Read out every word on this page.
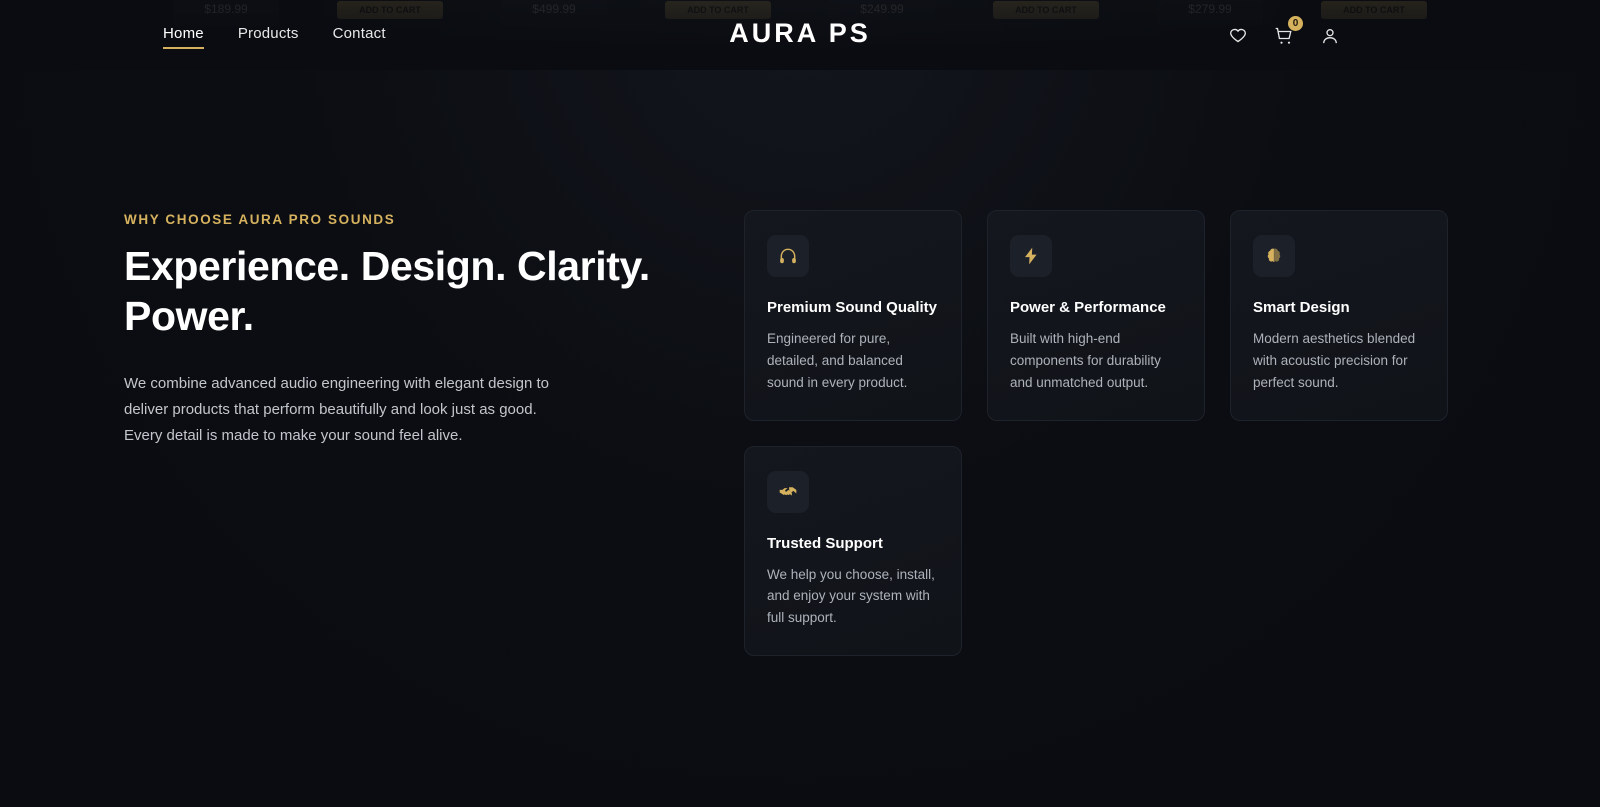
Home Products Contact	AURA PS	0
WHY CHOOSE AURA PRO SOUNDS
Experience. Design. Clarity. Power.

We combine advanced audio engineering with elegant design to deliver products that perform beautifully and look just as good. Every detail is made to make your sound feel alive.

Premium Sound Quality
Engineered for pure, detailed, and balanced sound in every product.
Power & Performance
Built with high-end components for durability and unmatched output.
Smart Design
Modern aesthetics blended with acoustic precision for perfect sound.
Trusted Support
We help you choose, install, and enjoy your system with full support.
